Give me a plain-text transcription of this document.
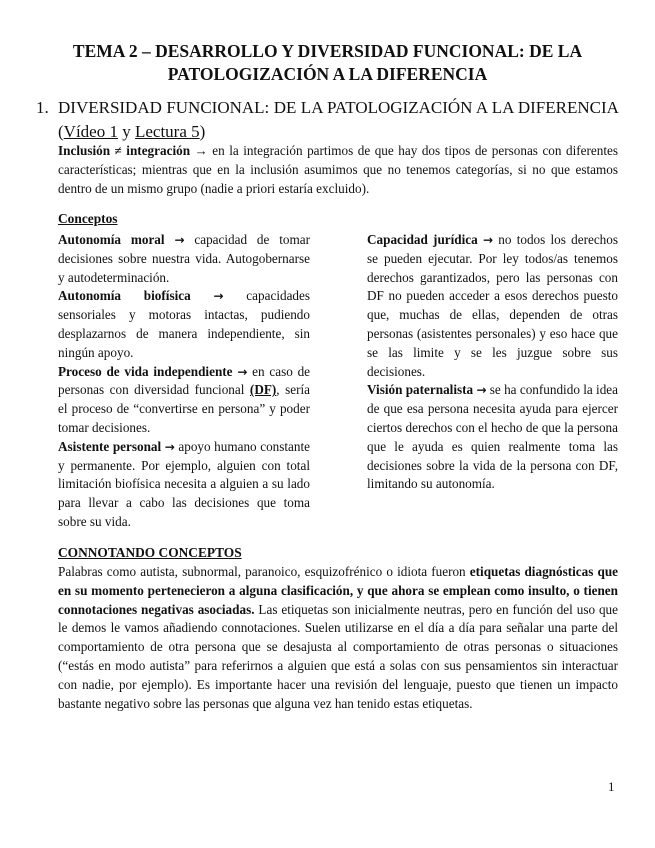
TEMA 2 – DESARROLLO Y DIVERSIDAD FUNCIONAL: DE LA
PATOLOGIZACIÓN A LA DIFERENCIA
1. DIVERSIDAD FUNCIONAL: DE LA PATOLOGIZACIÓN A LA DIFERENCIA (Vídeo 1 y Lectura 5)
Inclusión ≠ integración → en la integración partimos de que hay dos tipos de personas con diferentes características; mientras que en la inclusión asumimos que no tenemos categorías, si no que estamos dentro de un mismo grupo (nadie a priori estaría excluido).
Conceptos

Autonomía moral → capacidad de tomar decisiones sobre nuestra vida. Autogobernarse y autodeterminación.

Autonomía biofísica → capacidades sensoriales y motoras intactas, pudiendo desplazarnos de manera independiente, sin ningún apoyo.

Proceso de vida independiente → en caso de personas con diversidad funcional (DF), sería el proceso de “convertirse en persona” y poder tomar decisiones.

Asistente personal → apoyo humano constante y permanente. Por ejemplo, alguien con total limitación biofísica necesita a alguien a su lado para llevar a cabo las decisiones que toma sobre su vida.

Capacidad jurídica → no todos los derechos se pueden ejecutar. Por ley todos/as tenemos derechos garantizados, pero las personas con DF no pueden acceder a esos derechos puesto que, muchas de ellas, dependen de otras personas (asistentes personales) y eso hace que se las limite y se les juzgue sobre sus decisiones.

Visión paternalista → se ha confundido la idea de que esa persona necesita ayuda para ejercer ciertos derechos con el hecho de que la persona que le ayuda es quien realmente toma las decisiones sobre la vida de la persona con DF, limitando su autonomía.

CONNOTANDO CONCEPTOS
Palabras como autista, subnormal, paranoico, esquizofrénico o idiota fueron etiquetas diagnósticas que en su momento pertenecieron a alguna clasificación, y que ahora se emplean como insulto, o tienen connotaciones negativas asociadas. Las etiquetas son inicialmente neutras, pero en función del uso que le demos le vamos añadiendo connotaciones. Suelen utilizarse en el día a día para señalar una parte del comportamiento de otra persona que se desajusta al comportamiento de otras personas o situaciones (“estás en modo autista” para referirnos a alguien que está a solas con sus pensamientos sin interactuar con nadie, por ejemplo). Es importante hacer una revisión del lenguaje, puesto que tienen un impacto bastante negativo sobre las personas que alguna vez han tenido estas etiquetas.
1
